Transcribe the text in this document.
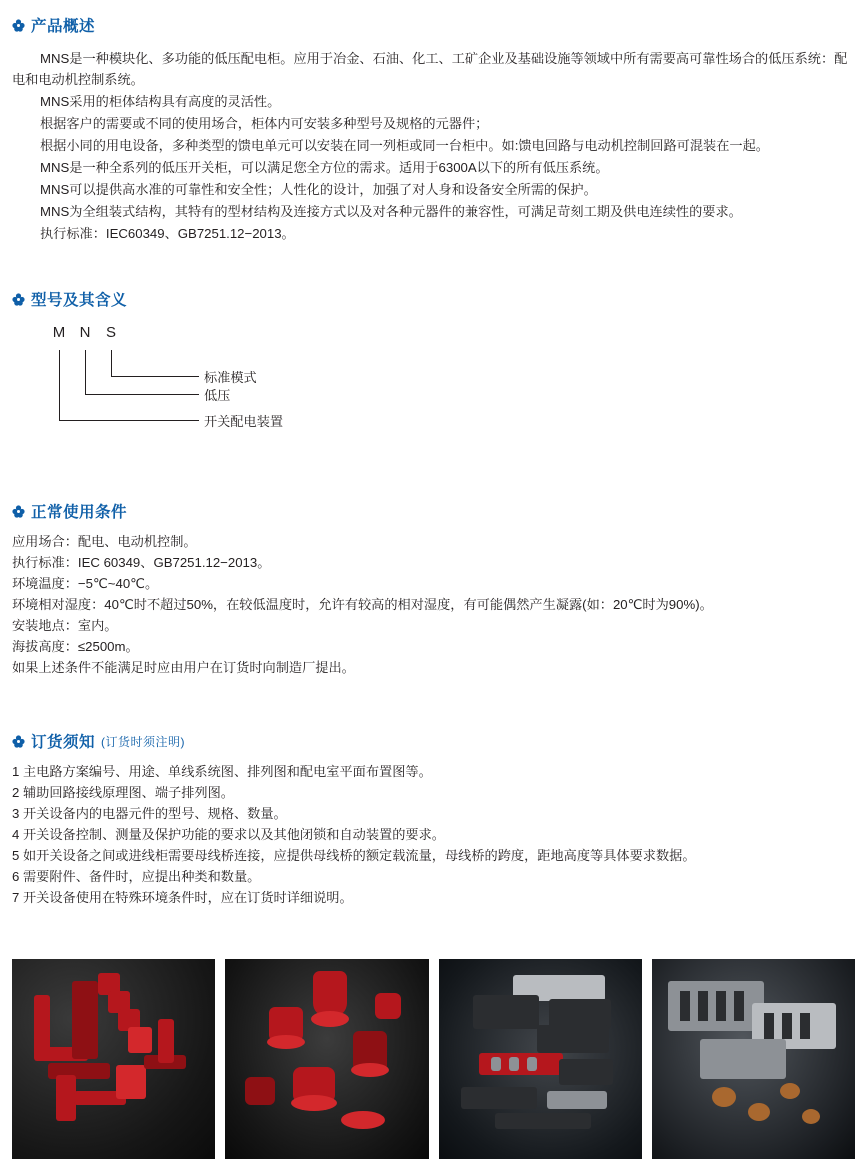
产品概述

MNS是一种模块化、多功能的低压配电柜。应用于冶金、石油、化工、工矿企业及基础设施等领域中所有需要高可靠性场合的低压系统：配电和电动机控制系统。

MNS采用的柜体结构具有高度的灵活性。

根据客户的需要或不同的使用场合，柜体内可安装多种型号及规格的元器件；

根据小同的用电设备，多种类型的馈电单元可以安装在同一列柜或同一台柜中。如:馈电回路与电动机控制回路可混装在一起。

MNS是一种全系列的低压开关柜，可以满足您全方位的需求。适用于6300A以下的所有低压系统。

MNS可以提供高水准的可靠性和安全性；人性化的设计，加强了对人身和设备安全所需的保护。

MNS为全组装式结构，其特有的型材结构及连接方式以及对各种元器件的兼容性，可满足苛刻工期及供电连续性的要求。

执行标准：IEC60349、GB7251.12−2013。

型号及其含义
M N S
标准模式
低压
开关配电装置
正常使用条件

应用场合：配电、电动机控制。

执行标准：IEC 60349、GB7251.12−2013。

环境温度：−5℃~40℃。

环境相对湿度：40℃时不超过50%，在较低温度时，允许有较高的相对湿度，有可能偶然产生凝露(如：20℃时为90%)。

安装地点：室内。

海拔高度：≤2500m。

如果上述条件不能满足时应由用户在订货时向制造厂提出。

订货须知 (订货时须注明)

1 主电路方案编号、用途、单线系统图、排列图和配电室平面布置图等。

2 辅助回路接线原理图、端子排列图。

3 开关设备内的电器元件的型号、规格、数量。

4 开关设备控制、测量及保护功能的要求以及其他闭锁和自动装置的要求。

5 如开关设备之间或进线柜需要母线桥连接，应提供母线桥的额定载流量，母线桥的跨度，距地高度等具体要求数据。

6 需要附件、备件时，应提出种类和数量。

7 开关设备使用在特殊环境条件时，应在订货时详细说明。
